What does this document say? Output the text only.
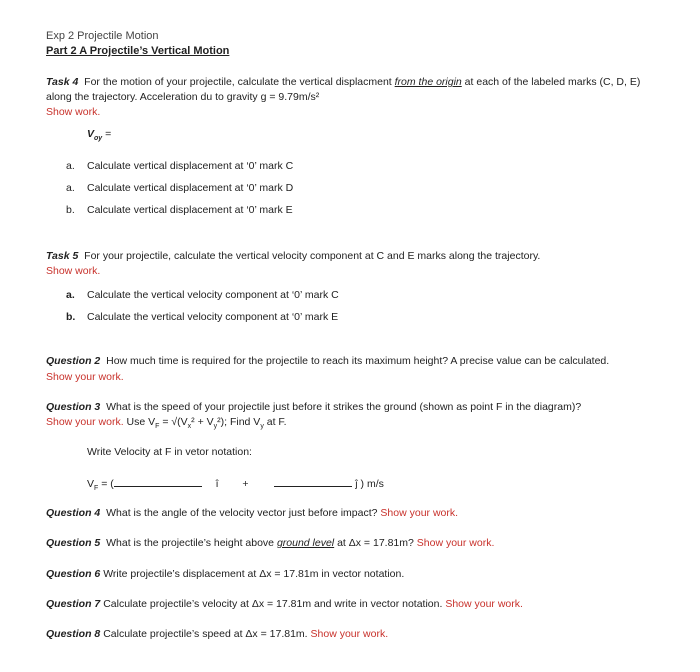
Exp 2 Projectile Motion
Part 2 A Projectile’s Vertical Motion
Task 4 For the motion of your projectile, calculate the vertical displacment from the origin at each of the labeled marks (C, D, E) along the trajectory. Acceleration du to gravity g = 9.79m/s²
Show work.
$V_{oy}$ =
a. Calculate vertical displacement at ‘0’ mark C
a. Calculate vertical displacement at ‘0’ mark D
b. Calculate vertical displacement at ‘0’ mark E
Task 5 For your projectile, calculate the vertical velocity component at C and E marks along the trajectory.
Show work.
a. Calculate the vertical velocity component at ‘0’ mark C
b. Calculate the vertical velocity component at ‘0’ mark E
Question 2 How much time is required for the projectile to reach its maximum height? A precise value can be calculated.
Show your work.
Question 3 What is the speed of your projectile just before it strikes the ground (shown as point F in the diagram)?
Show your work. Use $V_F = √(V_x^2 + V_y^2)$; Find $V_y$ at F.
Write Velocity at F in vetor notation:
$V_F$ = (	î +	ĵ ) m/s
Question 4 What is the angle of the velocity vector just before impact? Show your work.
Question 5 What is the projectile’s height above ground level at Δx = 17.81m? Show your work.
Question 6 Write projectile’s displacement at Δx = 17.81m in vector notation.
Question 7 Calculate projectile’s velocity at Δx = 17.81m and write in vector notation. Show your work.
Question 8 Calculate projectile’s speed at Δx = 17.81m. Show your work.
